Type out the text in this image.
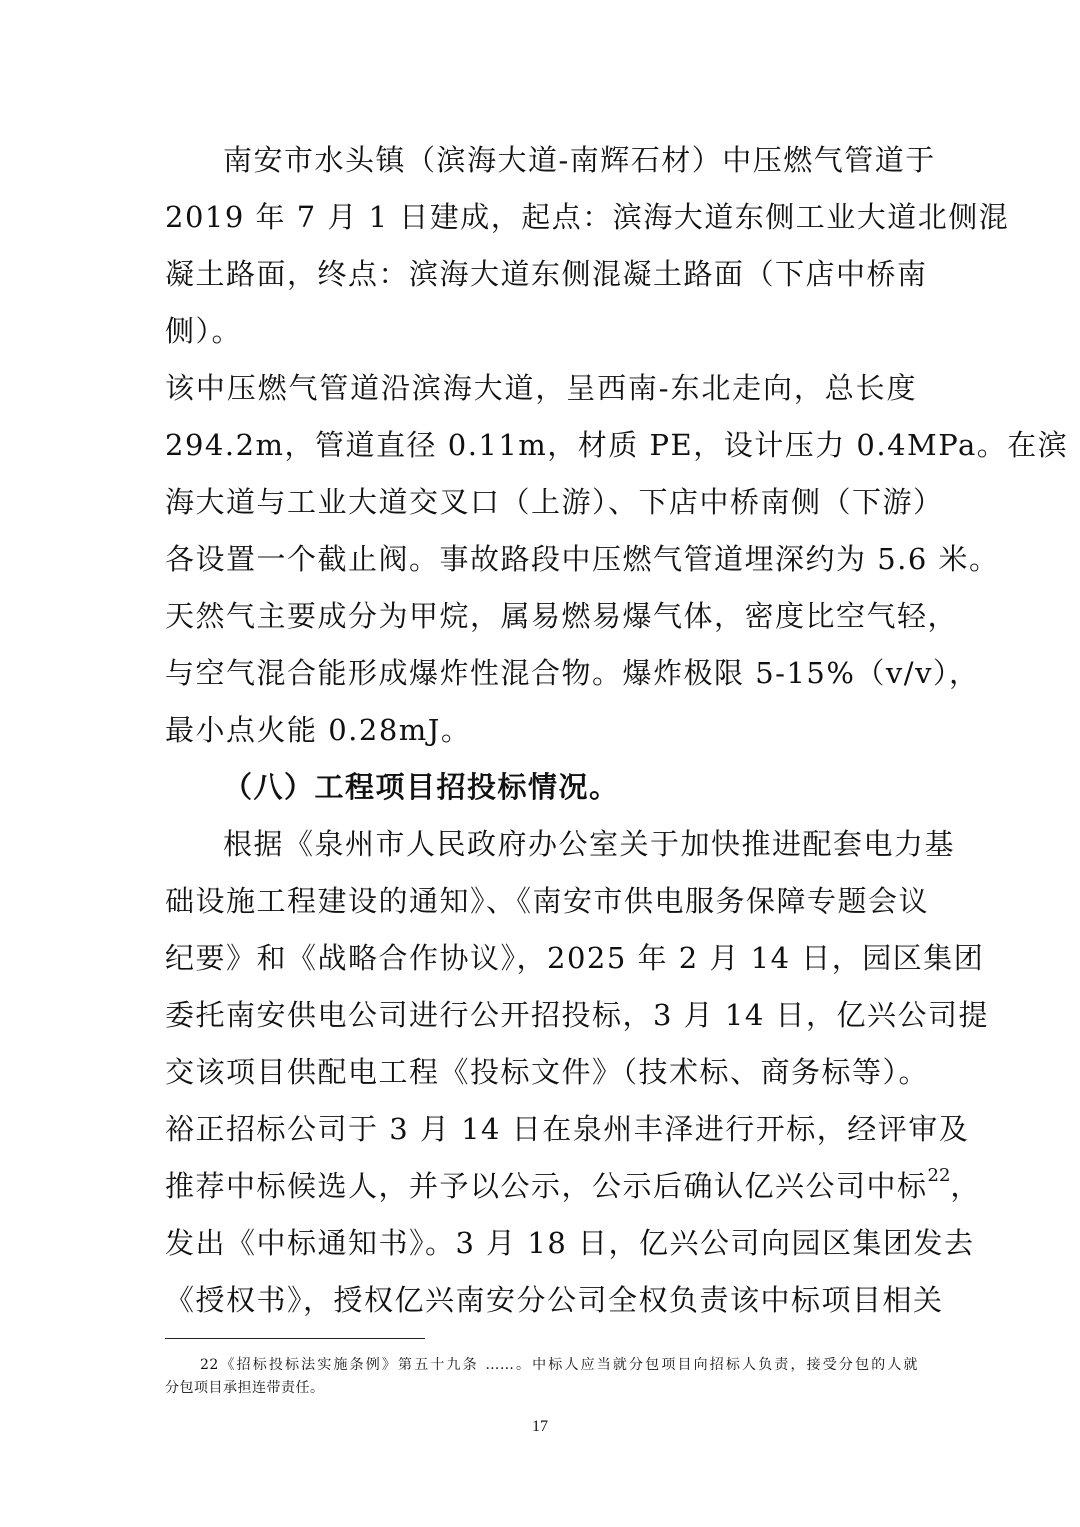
南安市水头镇（滨海大道-南辉石材）中压燃气管道于
2019 年 7 月 1 日建成，起点：滨海大道东侧工业大道北侧混
凝土路面，终点：滨海大道东侧混凝土路面（下店中桥南
侧）。
该中压燃气管道沿滨海大道，呈西南-东北走向，总长度
294.2m，管道直径 0.11m，材质 PE，设计压力 0.4MPa。在滨
海大道与工业大道交叉口（上游）、下店中桥南侧（下游）
各设置一个截止阀。事故路段中压燃气管道埋深约为 5.6 米。
天然气主要成分为甲烷，属易燃易爆气体，密度比空气轻，
与空气混合能形成爆炸性混合物。爆炸极限 5-15%（v/v），
最小点火能 0.28mJ。
（八）工程项目招投标情况。
根据《泉州市人民政府办公室关于加快推进配套电力基
础设施工程建设的通知》、《南安市供电服务保障专题会议
纪要》和《战略合作协议》，2025 年 2 月 14 日，园区集团
委托南安供电公司进行公开招投标，3 月 14 日，亿兴公司提
交该项目供配电工程《投标文件》（技术标、商务标等）。
裕正招标公司于 3 月 14 日在泉州丰泽进行开标，经评审及
推荐中标候选人，并予以公示，公示后确认亿兴公司中标$^{22}$，
发出《中标通知书》。3 月 18 日，亿兴公司向园区集团发去
《授权书》，授权亿兴南安分公司全权负责该中标项目相关
22《招标投标法实施条例》第五十九条 ……。中标人应当就分包项目向招标人负责，接受分包的人就
分包项目承担连带责任。
17
